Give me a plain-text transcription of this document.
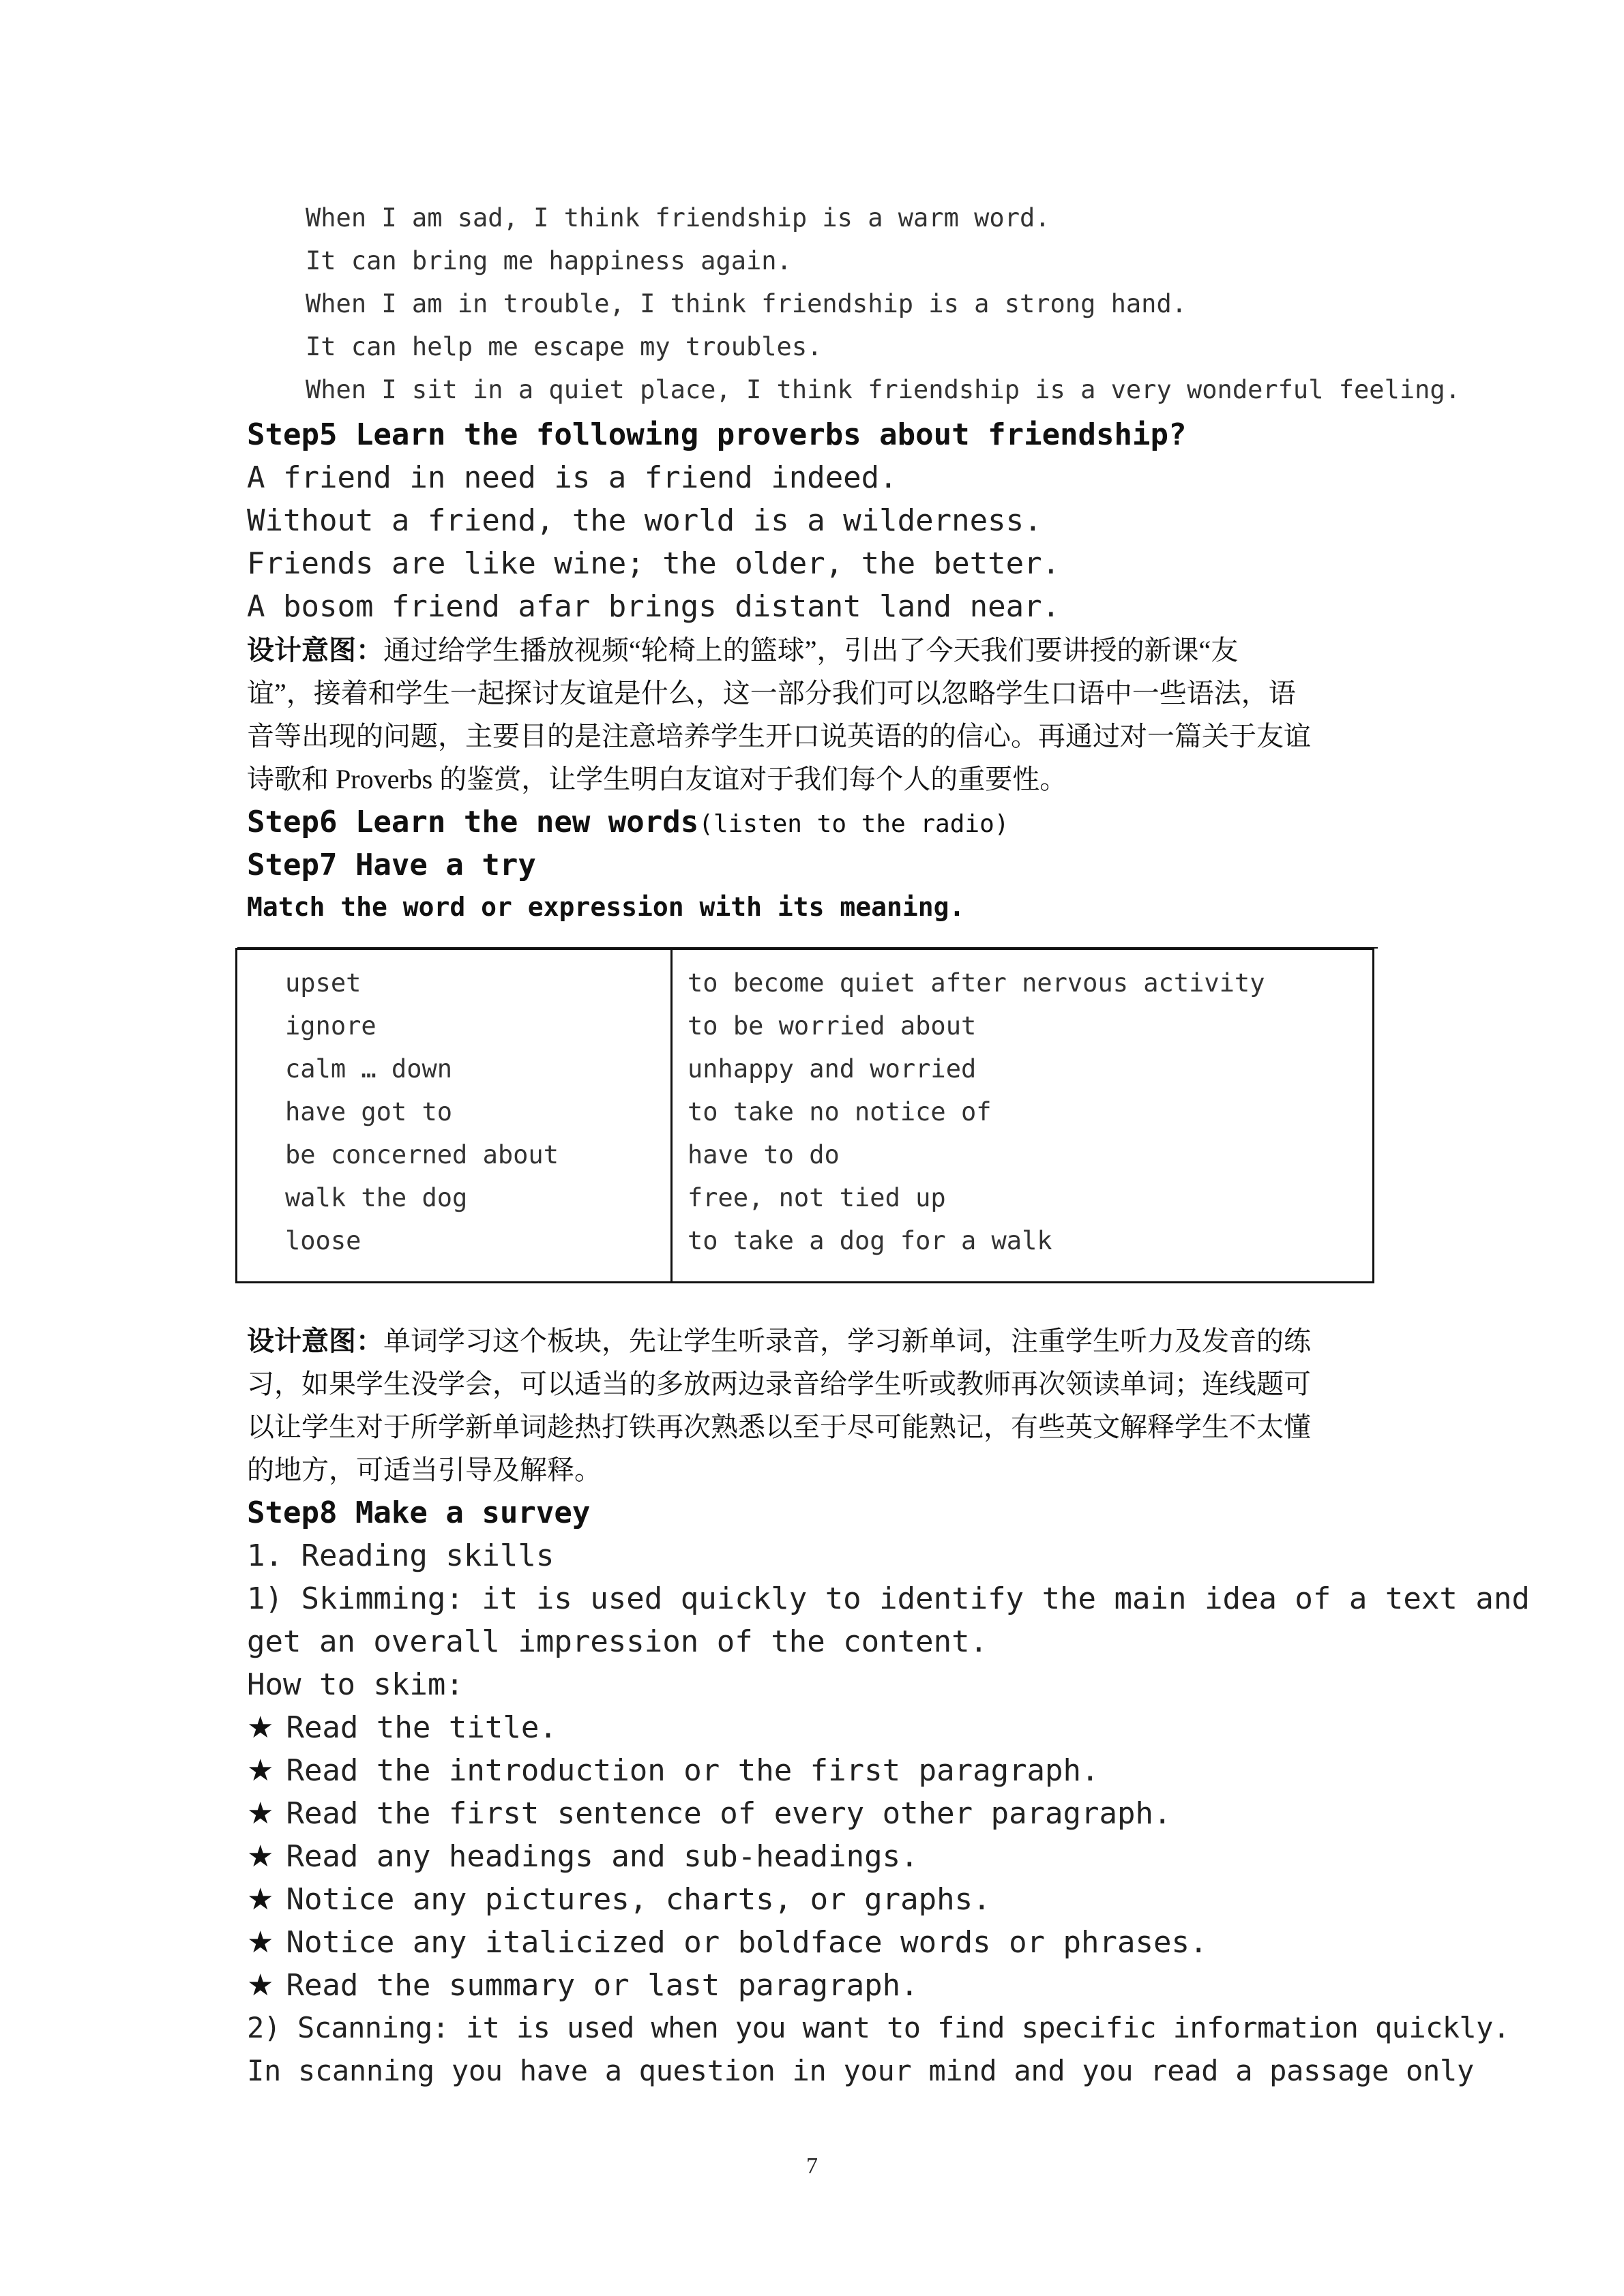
When I am sad, I think friendship is a warm word.
It can bring me happiness again.
When I am in trouble, I think friendship is a strong hand.
It can help me escape my troubles.
When I sit in a quiet place, I think friendship is a very wonderful feeling.
Step5 Learn the following proverbs about friendship?
A friend in need is a friend indeed.
Without a friend, the world is a wilderness.
Friends are like wine; the older, the better.
A bosom friend afar brings distant land near.
设计意图：通过给学生播放视频“轮椅上的篮球”，引出了今天我们要讲授的新课“友
谊”，接着和学生一起探讨友谊是什么，这一部分我们可以忽略学生口语中一些语法，语
音等出现的问题，主要目的是注意培养学生开口说英语的的信心。再通过对一篇关于友谊
诗歌和 Proverbs 的鉴赏，让学生明白友谊对于我们每个人的重要性。
Step6 Learn the new words(listen to the radio)
Step7 Have a try
Match the word or expression with its meaning.
upset
ignore
calm … down
have got to
be concerned about
walk the dog
loose
to become quiet after nervous activity
to be worried about
unhappy and worried
to take no notice of
have to do
free, not tied up
to take a dog for a walk
设计意图：单词学习这个板块，先让学生听录音，学习新单词，注重学生听力及发音的练
习，如果学生没学会，可以适当的多放两边录音给学生听或教师再次领读单词；连线题可
以让学生对于所学新单词趁热打铁再次熟悉以至于尽可能熟记，有些英文解释学生不太懂
的地方，可适当引导及解释。
Step8 Make a survey
1. Reading skills
1) Skimming: it is used quickly to identify the main idea of a text and
get an overall impression of the content.
How to skim:
★ Read the title.
★ Read the introduction or the first paragraph.
★ Read the first sentence of every other paragraph.
★ Read any headings and sub-headings.
★ Notice any pictures, charts, or graphs.
★ Notice any italicized or boldface words or phrases.
★ Read the summary or last paragraph.
2) Scanning: it is used when you want to find specific information quickly.
In scanning you have a question in your mind and you read a passage only
7
